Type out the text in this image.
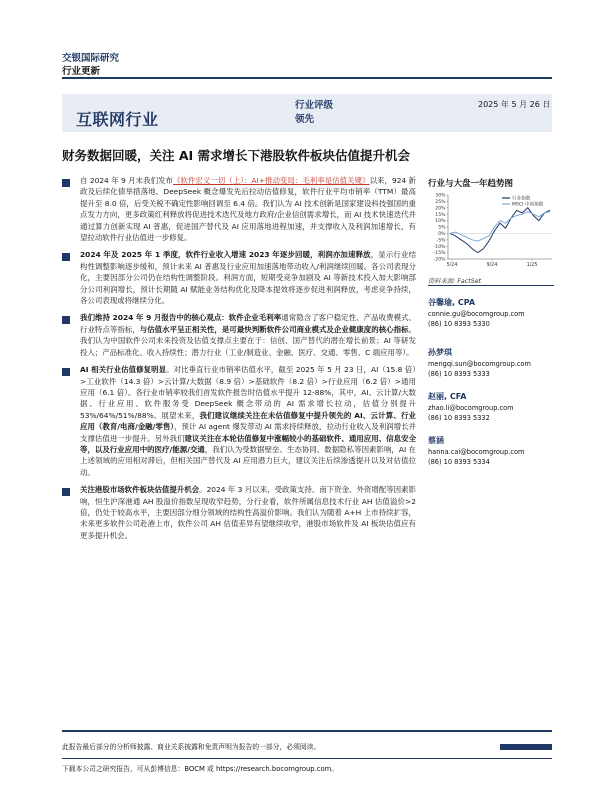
交银国际研究
行业更新
互联网行业
行业评级
领先
2025 年 5 月 26 日
财务数据回暖，关注 AI 需求增长下港股软件板块估值提升机会
自 2024 年 9 月末我们发布《软件宏义一切（上）：AI+推动变局：毛利率是估值关键》以来，924 新政及后续化债举措落地、DeepSeek 概念爆发先后拉动估值修复，软件行业平均市销率（TTM）最高提升至 8.0 倍，后受关税不确定性影响回调至 6.4 倍。我们认为 AI 技术创新是国家建设科技强国的重点发力方向，更多政策红利释放将促进技术迭代及地方政府/企业信创需求增长，而 AI 技术快速迭代并通过算力创新实现 AI 普惠，促进国产替代及 AI 应用落地进程加速，并支撑收入及利润加速增长，有望拉动软件行业估值进一步修复。
2024 年及 2025 年 1 季度，软件行业收入增速 2023 年逐步回暖，利润亦加速释放，显示行业结构性调整影响逐步缓和，预计未来 AI 普惠及行业应用加速落地带动收入/利润继续回暖。各公司表现分化，主要因部分公司仍在结构性调整阶段。利润方面，短期受竞争加剧及 AI 等新技术投入加大影响部分公司利润增长，预计长期随 AI 赋能业务结构优化及降本提效将逐步促进利润释放，考虑竞争持续，各公司表现或将继续分化。
我们维持 2024 年 9 月报告中的核心观点：软件企业毛利率通常隐含了客户稳定性、产品收费模式、行业特点等指标，与估值水平呈正相关性，是可最快判断软件公司商业模式及企业健康度的核心指标。我们认为中国软件公司未来投资及估值支撑点主要在于：信创、国产替代的潜在增长前景；AI 等研发投入；产品标准化、收入持续性；潜力行业（工业/制造业、金融、医疗、交通、零售、C 端应用等）。
AI 相关行业估值修复明显。对比垂直行业市销率估值水平，截至 2025 年 5 月 23 日，AI（15.8 倍）>工业软件（14.3 倍）>云计算/大数据（8.9 倍）>基础软件（8.2 倍）>行业应用（6.2 倍）>通用应用（6.1 倍）。各行业市销率较我们首发软件报告时估值水平提升 12-88%，其中，AI、云计算/大数据、行业应用、软件服务受 DeepSeek 概念带动的 AI 需求增长拉动，估值分别提升 53%/64%/51%/88%。展望未来，我们建议继续关注在未估值修复中提升领先的 AI、云计算、行业应用（教育/电商/金融/零售），预计 AI agent 爆发带动 AI 需求持续释放，拉动行业收入及利润增长并支撑估值进一步提升。另外我们建议关注在本轮估值修复中涨幅较小的基础软件、通用应用、信息安全等，以及行业应用中的医疗/能源/交通，我们认为受数据壁垒、生态协同、数据隐私等因素影响，AI 在上述领域的应用相对滞后，但相关国产替代及 AI 应用潜力巨大，建议关注后续渗透提升以及对估值拉动。
关注港股市场软件板块估值提升机会。2024 年 3 月以来，受政策支持、南下资金、外资增配等因素影响，恒生沪深港通 AH 股溢价指数呈现收窄趋势，分行业看，软件所属信息技术行业 AH 估值溢价>2 倍，仍处于较高水平，主要因部分细分领域的结构性高溢价影响。我们认为随着 A+H 上市持续扩容，未来更多软件公司赴港上市，软件公司 AH 估值差异有望继续收窄，港股市场软件及 AI 板块估值应有更多提升机会。
行业与大盘一年趋势图
30%
25%
20%
15%
10%
5%
0%
-5%
-10%
-15%
-20%
5/24	9/24	1/25
行业指数
MSCI 中国指数
资料来源: FactSet
谷馨瑜, CPA
connie.gu@bocomgroup.com
(86) 10 8393 5330
孙梦琪
mengqi.sun@bocomgroup.com
(86) 10 8393 5333
赵丽, CFA
zhao.li@bocomgroup.com
(86) 10 8393 5332
蔡涵
hanna.cai@bocomgroup.com
(86) 10 8393 5334
此报告最后部分的分析师披露、商业关系披露和免责声明为报告的一部分，必须阅读。
下载本公司之研究报告，可从彭博信息：BOCM 或 https://research.bocomgroup.com。
